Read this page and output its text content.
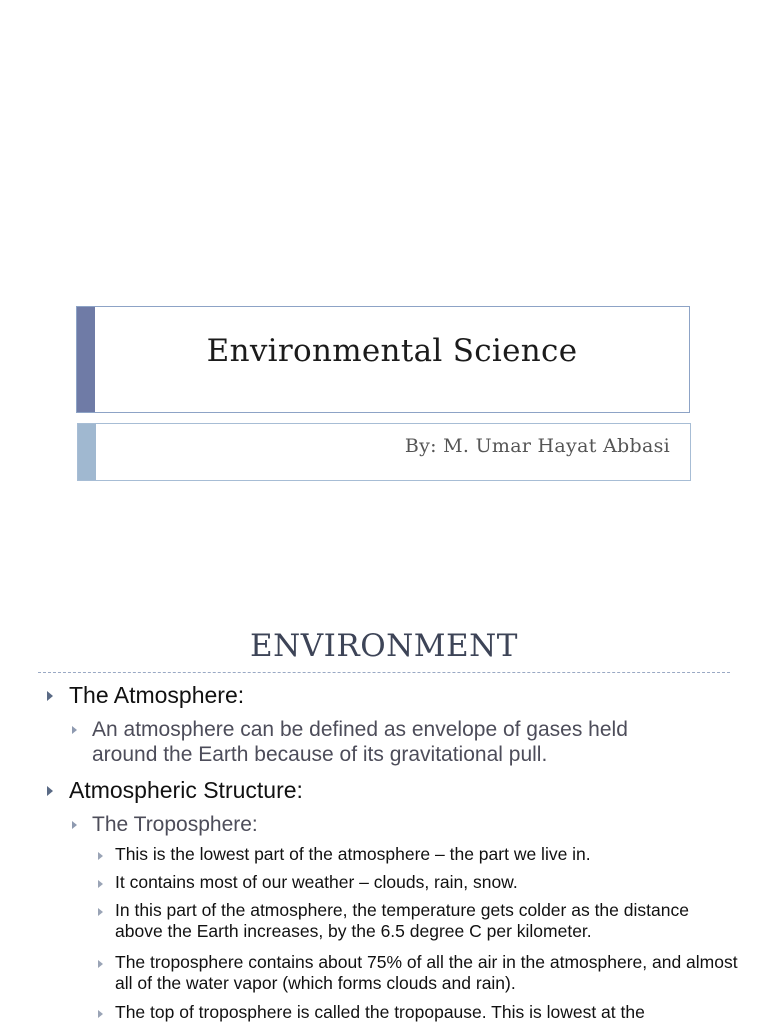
Environmental Science
By: M. Umar Hayat Abbasi
ENVIRONMENT
The Atmosphere:
An atmosphere can be defined as envelope of gases held around the Earth because of its gravitational pull.
Atmospheric Structure:
The Troposphere:
This is the lowest part of the atmosphere – the part we live in.
It contains most of our weather – clouds, rain, snow.
In this part of the atmosphere, the temperature gets colder as the distance above the Earth increases, by the 6.5 degree C per kilometer.
The troposphere contains about 75% of all the air in the atmosphere, and almost all of the water vapor (which forms clouds and rain).
The top of troposphere is called the tropopause. This is lowest at the
